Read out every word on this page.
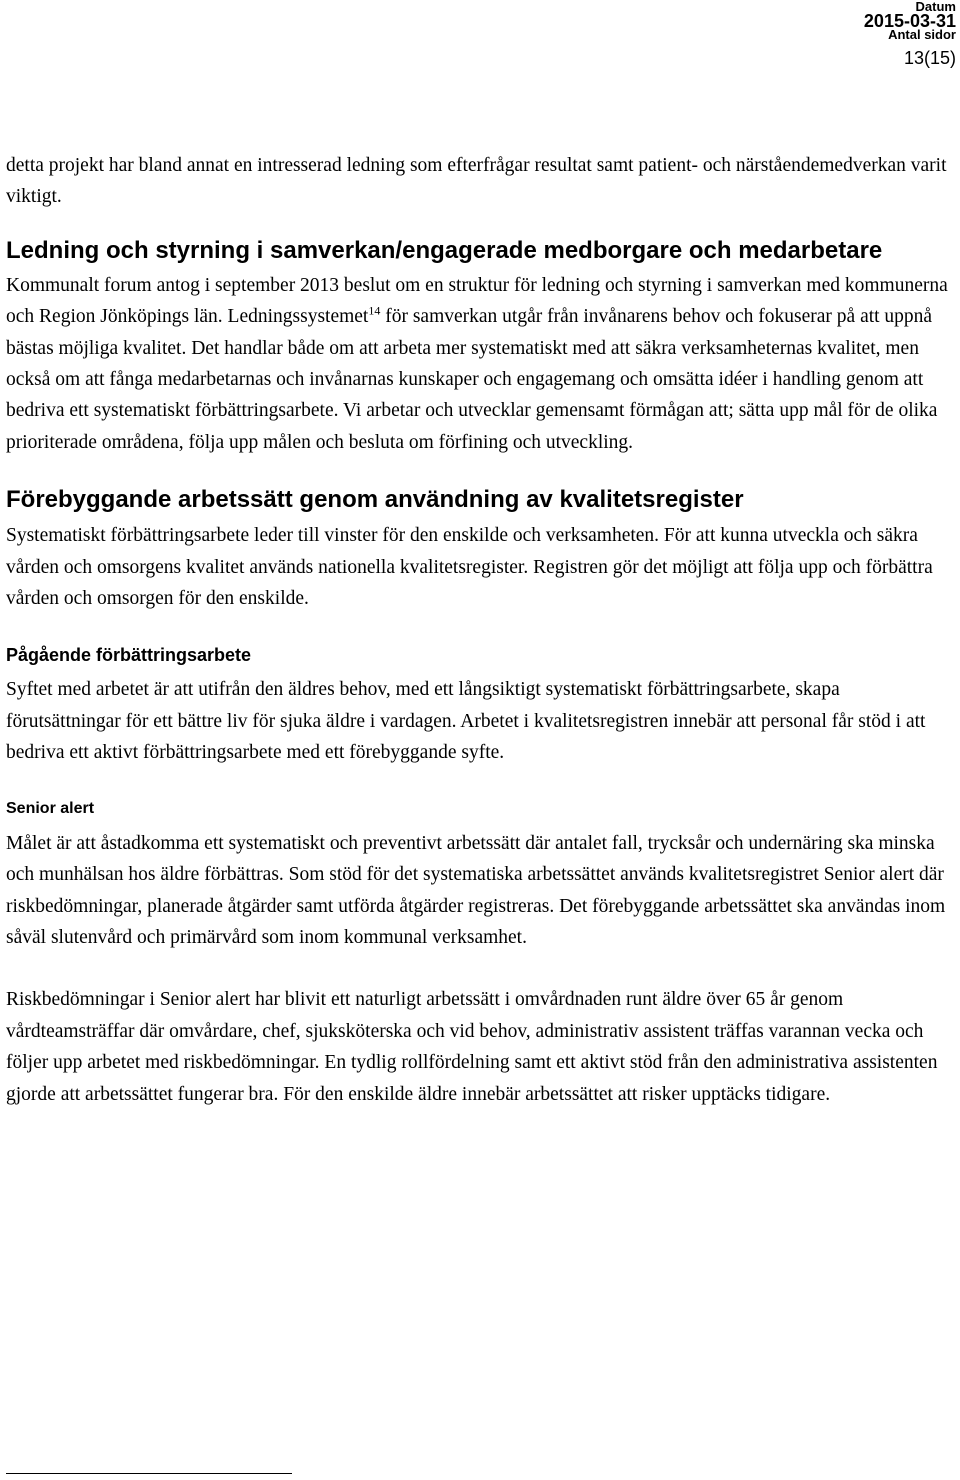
Datum
2015-03-31
Antal sidor
13(15)

detta projekt har bland annat en intresserad ledning som efterfrågar resultat samt patient- och närståendemedverkan varit viktigt.

Ledning och styrning i samverkan/engagerade medborgare och medarbetare

Kommunalt forum antog i september 2013 beslut om en struktur för ledning och styrning i samverkan med kommunerna och Region Jönköpings län. Ledningssystemet$^{14}$ för samverkan utgår från invånarens behov och fokuserar på att uppnå bästas möjliga kvalitet. Det handlar både om att arbeta mer systematiskt med att säkra verksamheternas kvalitet, men också om att fånga medarbetarnas och invånarnas kunskaper och engagemang och omsätta idéer i handling genom att bedriva ett systematiskt förbättringsarbete. Vi arbetar och utvecklar gemensamt förmågan att; sätta upp mål för de olika prioriterade områdena, följa upp målen och besluta om förfining och utveckling.

Förebyggande arbetssätt genom användning av kvalitetsregister

Systematiskt förbättringsarbete leder till vinster för den enskilde och verksamheten. För att kunna utveckla och säkra vården och omsorgens kvalitet används nationella kvalitetsregister. Registren gör det möjligt att följa upp och förbättra vården och omsorgen för den enskilde.

Pågående förbättringsarbete

Syftet med arbetet är att utifrån den äldres behov, med ett långsiktigt systematiskt förbättringsarbete, skapa förutsättningar för ett bättre liv för sjuka äldre i vardagen. Arbetet i kvalitetsregistren innebär att personal får stöd i att bedriva ett aktivt förbättringsarbete med ett förebyggande syfte.

Senior alert

Målet är att åstadkomma ett systematiskt och preventivt arbetssätt där antalet fall, trycksår och undernäring ska minska och munhälsan hos äldre förbättras. Som stöd för det systematiska arbetssättet används kvalitetsregistret Senior alert där riskbedömningar, planerade åtgärder samt utförda åtgärder registreras. Det förebyggande arbetssättet ska användas inom såväl slutenvård och primärvård som inom kommunal verksamhet.

Riskbedömningar i Senior alert har blivit ett naturligt arbetssätt i omvårdnaden runt äldre över 65 år genom vårdteamsträffar där omvårdare, chef, sjuksköterska och vid behov, administrativ assistent träffas varannan vecka och följer upp arbetet med riskbedömningar. En tydlig rollfördelning samt ett aktivt stöd från den administrativa assistenten gjorde att arbetssättet fungerar bra. För den enskilde äldre innebär arbetssättet att risker upptäcks tidigare.
